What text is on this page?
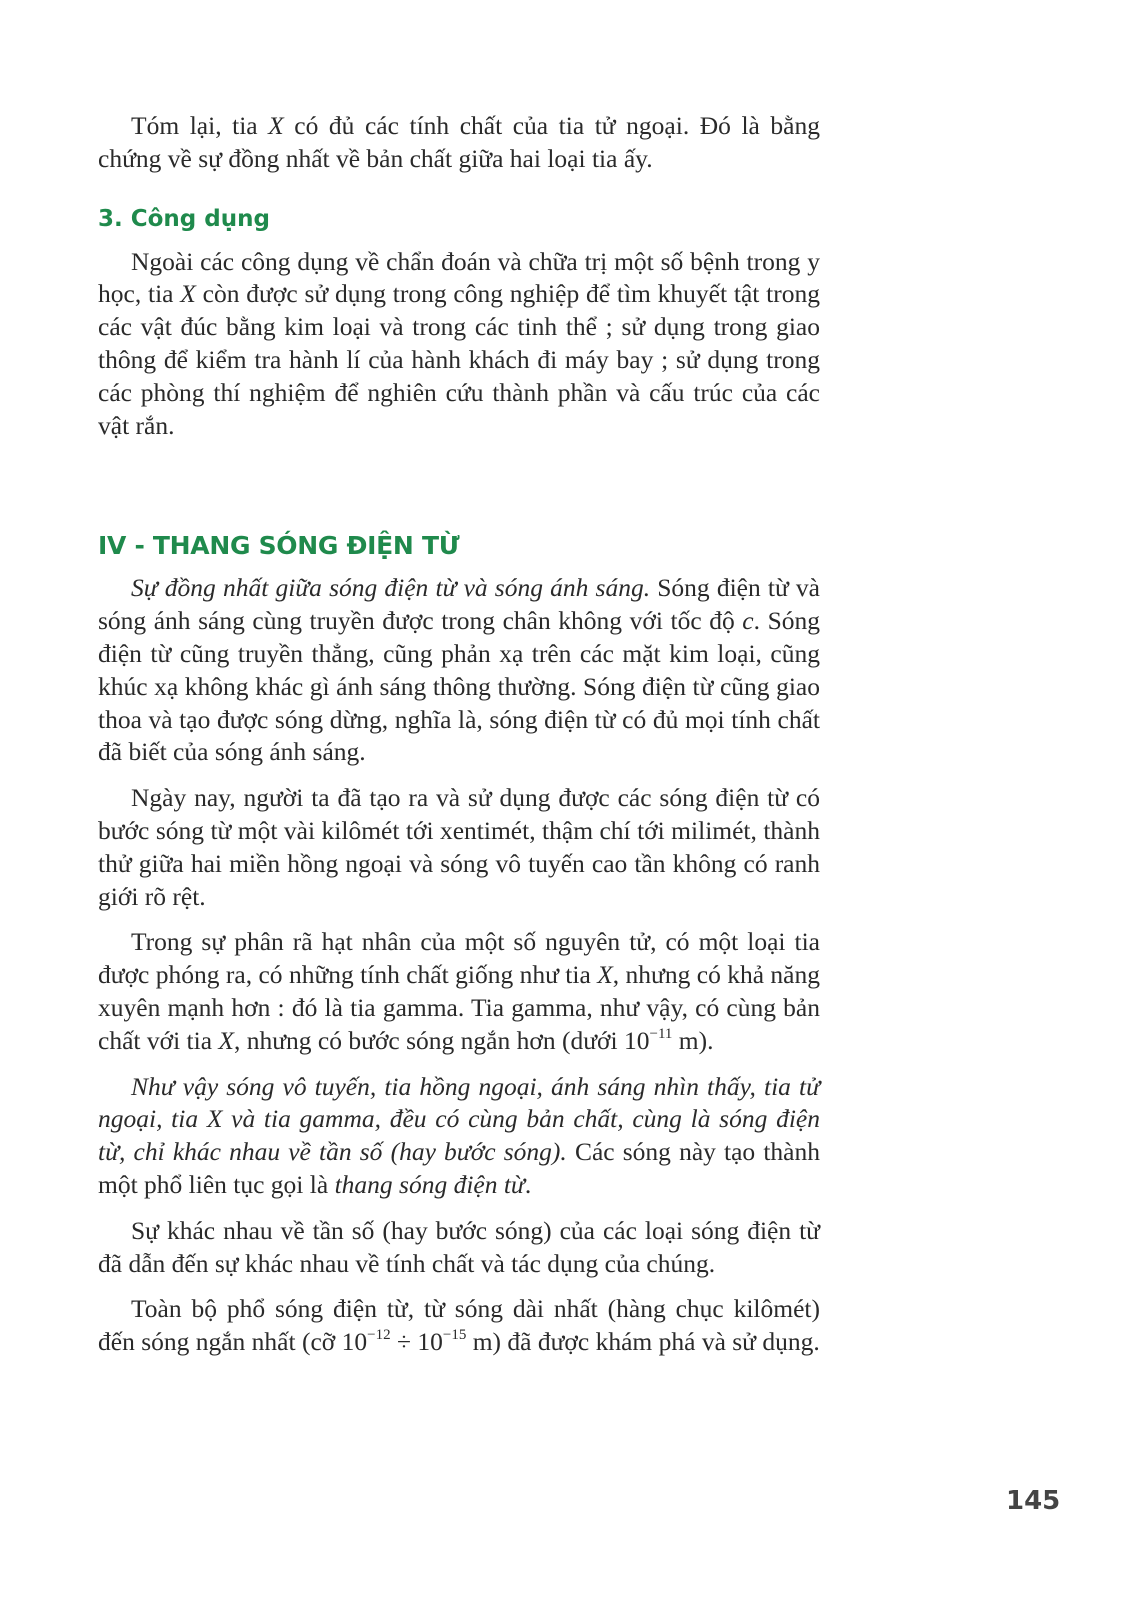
Tóm lại, tia X có đủ các tính chất của tia tử ngoại. Đó là bằng chứng về sự đồng nhất về bản chất giữa hai loại tia ấy.

3. Công dụng

Ngoài các công dụng về chẩn đoán và chữa trị một số bệnh trong y học, tia X còn được sử dụng trong công nghiệp để tìm khuyết tật trong các vật đúc bằng kim loại và trong các tinh thể ; sử dụng trong giao thông để kiểm tra hành lí của hành khách đi máy bay ; sử dụng trong các phòng thí nghiệm để nghiên cứu thành phần và cấu trúc của các vật rắn.

IV - THANG SÓNG ĐIỆN TỪ

Sự đồng nhất giữa sóng điện từ và sóng ánh sáng. Sóng điện từ và sóng ánh sáng cùng truyền được trong chân không với tốc độ c. Sóng điện từ cũng truyền thẳng, cũng phản xạ trên các mặt kim loại, cũng khúc xạ không khác gì ánh sáng thông thường. Sóng điện từ cũng giao thoa và tạo được sóng dừng, nghĩa là, sóng điện từ có đủ mọi tính chất đã biết của sóng ánh sáng.

Ngày nay, người ta đã tạo ra và sử dụng được các sóng điện từ có bước sóng từ một vài kilômét tới xentimét, thậm chí tới milimét, thành thử giữa hai miền hồng ngoại và sóng vô tuyến cao tần không có ranh giới rõ rệt.

Trong sự phân rã hạt nhân của một số nguyên tử, có một loại tia được phóng ra, có những tính chất giống như tia X, nhưng có khả năng xuyên mạnh hơn : đó là tia gamma. Tia gamma, như vậy, có cùng bản chất với tia X, nhưng có bước sóng ngắn hơn (dưới $10^{-11}$ m).

Như vậy sóng vô tuyến, tia hồng ngoại, ánh sáng nhìn thấy, tia tử ngoại, tia X và tia gamma, đều có cùng bản chất, cùng là sóng điện từ, chỉ khác nhau về tần số (hay bước sóng). Các sóng này tạo thành một phổ liên tục gọi là thang sóng điện từ.

Sự khác nhau về tần số (hay bước sóng) của các loại sóng điện từ đã dẫn đến sự khác nhau về tính chất và tác dụng của chúng.

Toàn bộ phổ sóng điện từ, từ sóng dài nhất (hàng chục kilômét) đến sóng ngắn nhất (cỡ $10^{-12} \div 10^{-15}$ m) đã được khám phá và sử dụng.

145
